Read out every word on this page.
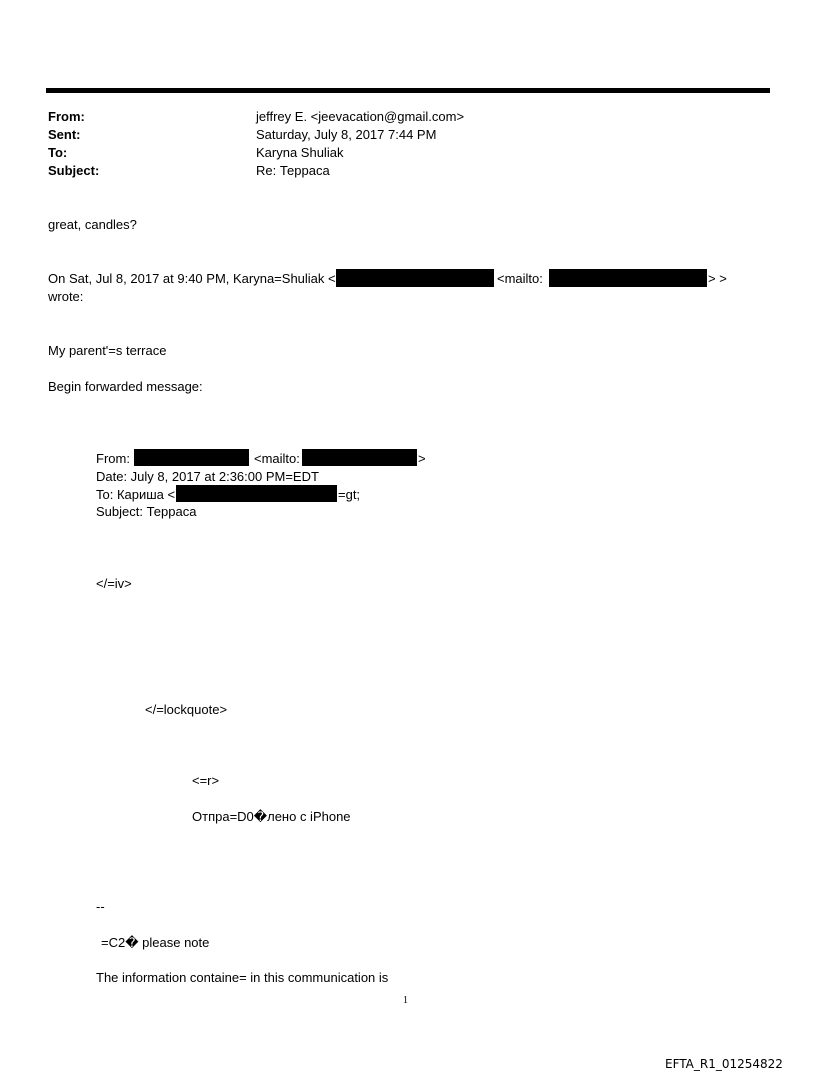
From:	jeffrey E. <jeevacation@gmail.com>
Sent:	Saturday, July 8, 2017 7:44 PM
To:	Karyna Shuliak
Subject:	Re: Терраса
great, candles?
On Sat, Jul 8, 2017 at 9:40 PM, Karyna=Shuliak <	<mailto:	> >
wrote:
My parent'=s terrace
Begin forwarded message:
From:	<mailto:	>
Date: July 8, 2017 at 2:36:00 PM=EDT
To: Кариша <	=gt;
Subject: Терраса
</=iv>
</=lockquote>
<=r>
Отпра=D0�лено с iPhone
--
=C2� please note
The information containe= in this communication is
1
EFTA_R1_01254822
